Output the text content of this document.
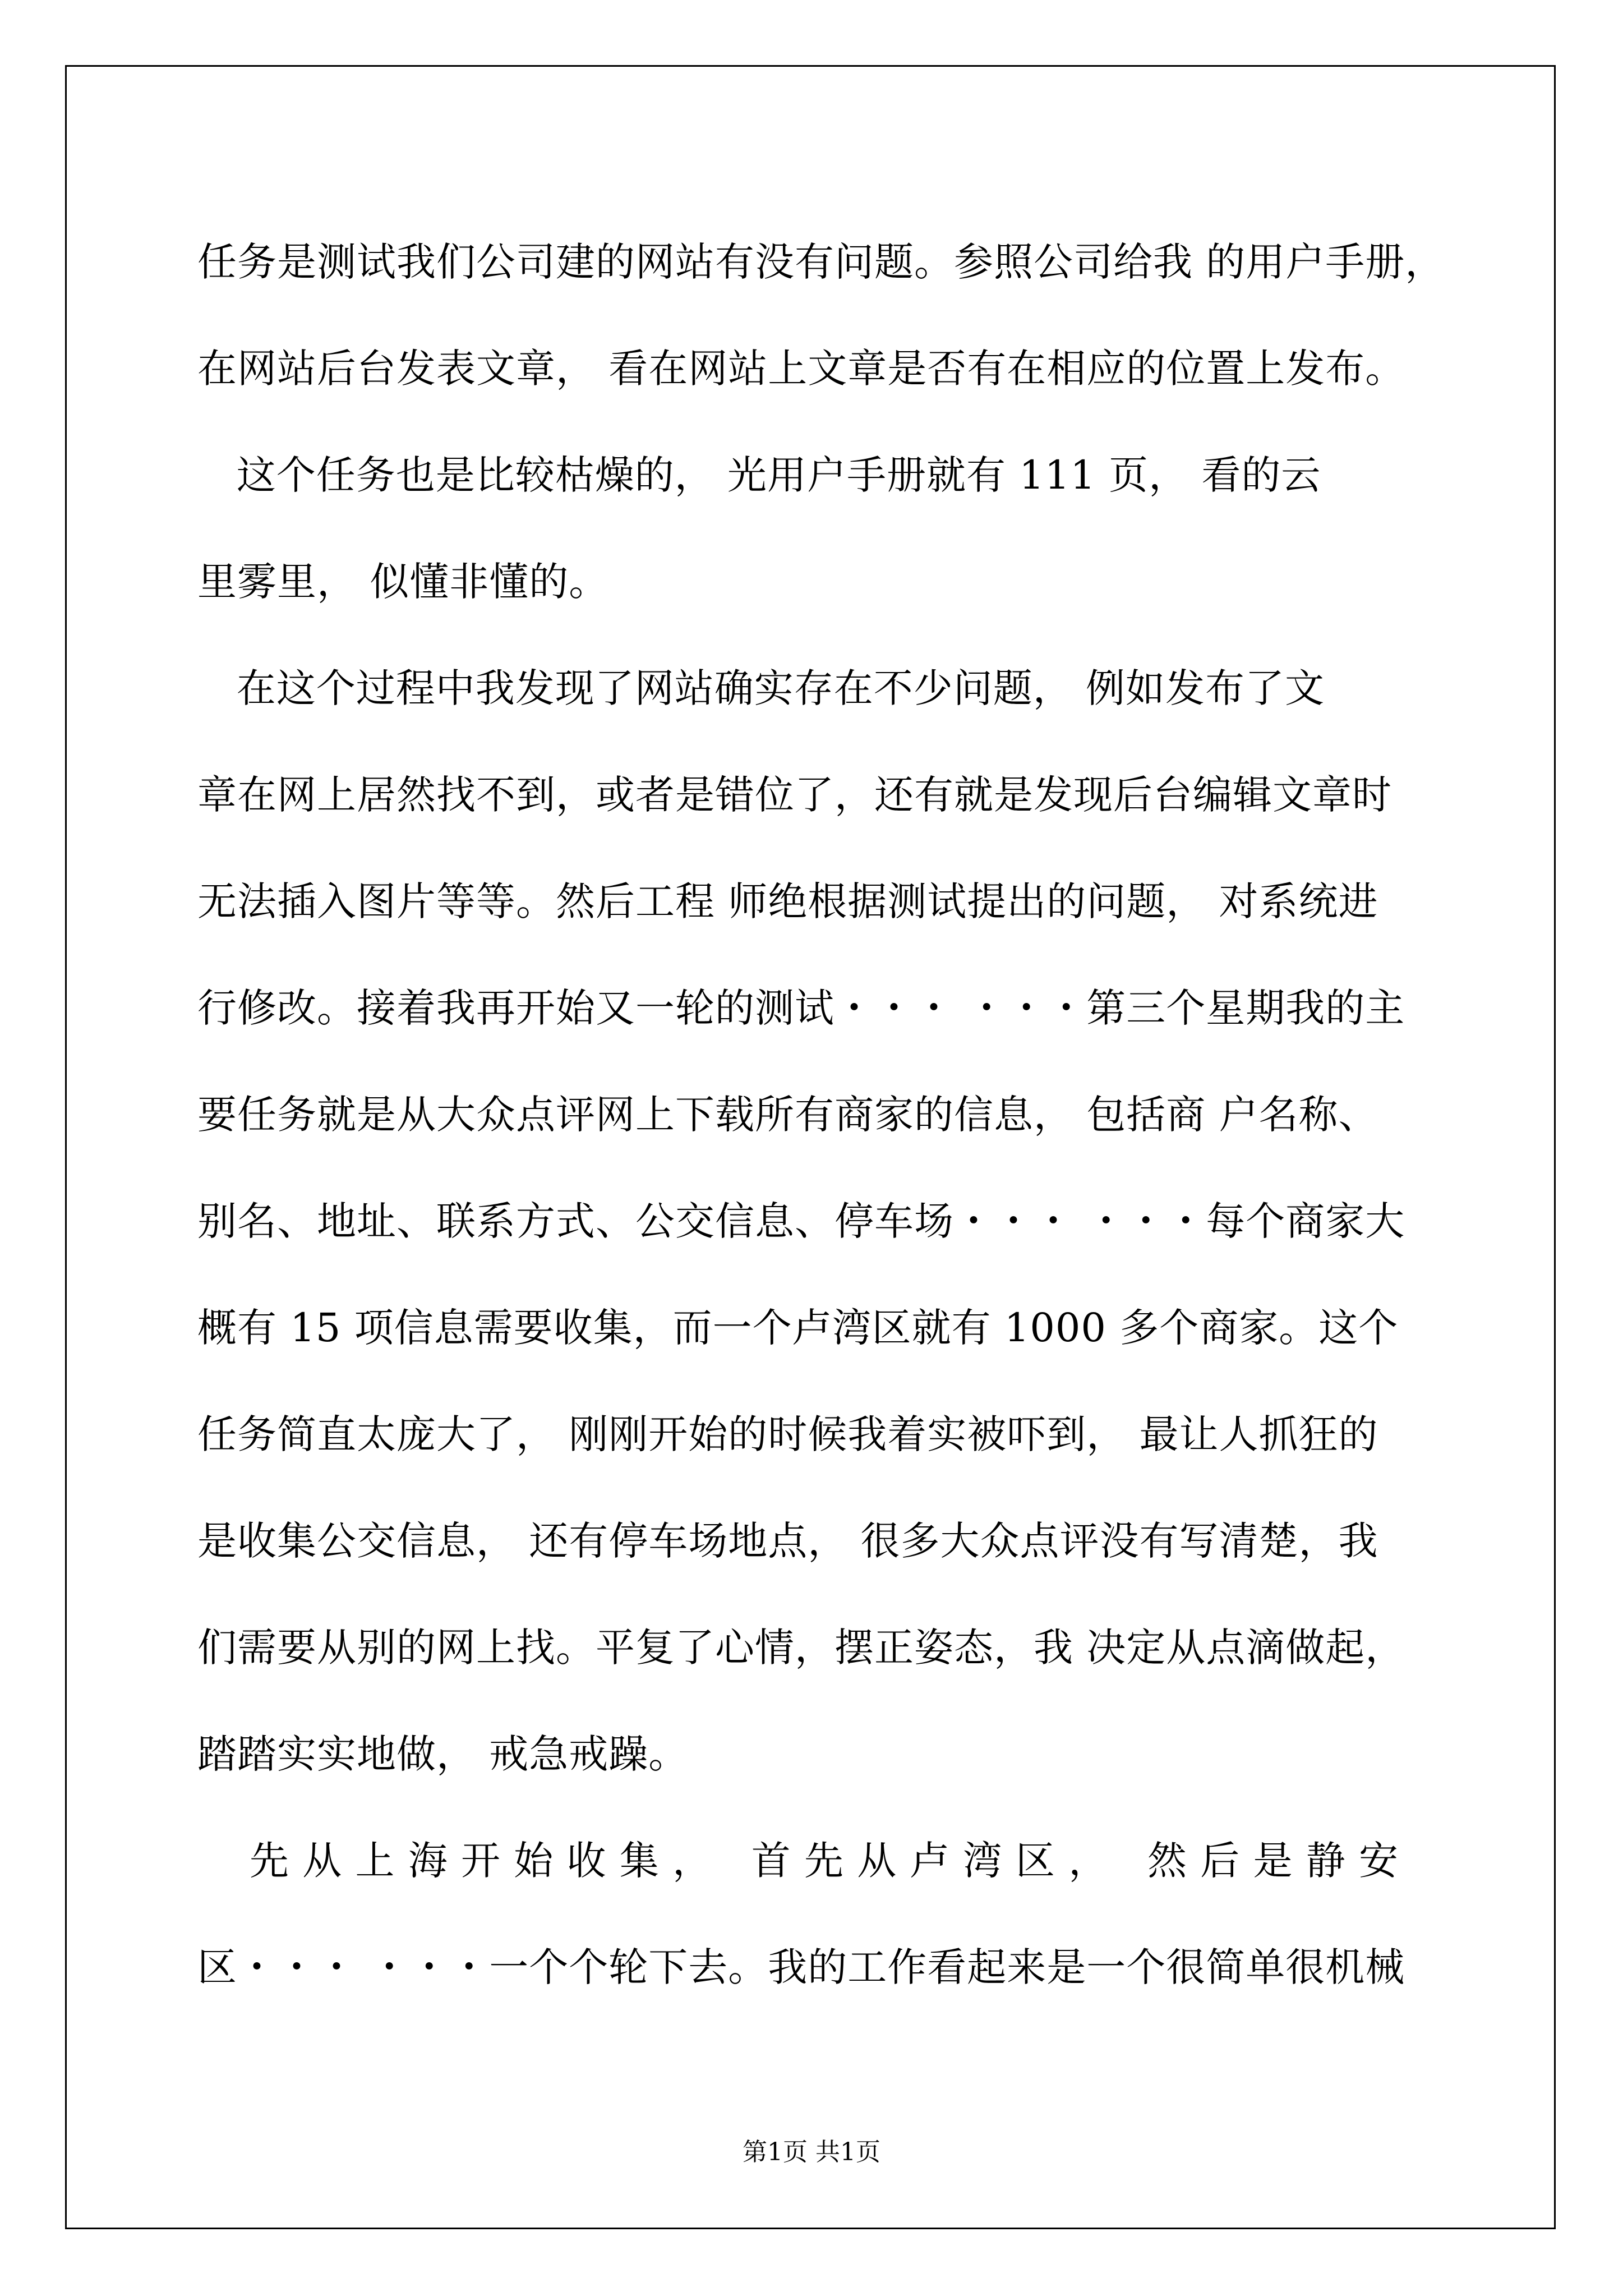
任务是测试我们公司建的网站有没有问题。参照公司给我 的用户手册，
在网站后台发表文章， 看在网站上文章是否有在相应的位置上发布。
这个任务也是比较枯燥的， 光用户手册就有 111 页， 看的云
里雾里， 似懂非懂的。
在这个过程中我发现了网站确实存在不少问题， 例如发布了文
章在网上居然找不到，或者是错位了，还有就是发现后台编辑文章时
无法插入图片等等。然后工程 师绝根据测试提出的问题， 对系统进
行修改。接着我再开始又一轮的测试・・・ ・・・第三个星期我的主
要任务就是从大众点评网上下载所有商家的信息， 包括商 户名称、
别名、地址、联系方式、公交信息、停车场・・・ ・・・每个商家大
概有 15 项信息需要收集，而一个卢湾区就有 1000 多个商家。这个
任务简直太庞大了， 刚刚开始的时候我着实被吓到， 最让人抓狂的
是收集公交信息， 还有停车场地点， 很多大众点评没有写清楚，我
们需要从别的网上找。平复了心情，摆正姿态，我 决定从点滴做起，
踏踏实实地做， 戒急戒躁。
先 从 上 海 开 始 收 集 ，   首 先 从 卢 湾 区 ，   然 后 是 静 安
区・・・ ・・・一个个轮下去。我的工作看起来是一个很简单很机械
第1页 共1页
